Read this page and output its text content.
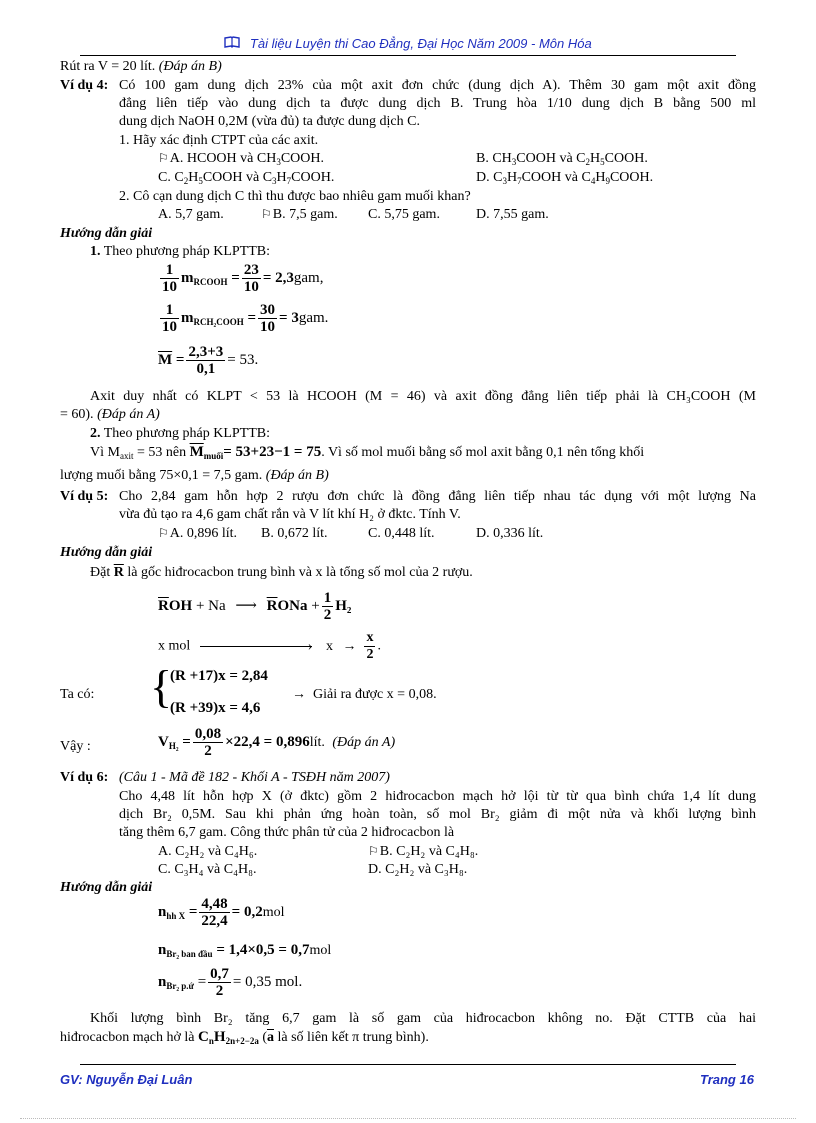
Tài liệu Luyện thi Cao Đẳng, Đại Học Năm 2009 - Môn Hóa
Rút ra V = 20 lít. (Đáp án B)
Ví dụ 4: Có 100 gam dung dịch 23% của một axit đơn chức (dung dịch A). Thêm 30 gam một axit đồng
đẳng liên tiếp vào dung dịch ta được dung dịch B. Trung hòa 1/10 dung dịch B bằng 500 ml
dung dịch NaOH 0,2M (vừa đủ) ta được dung dịch C.
1. Hãy xác định CTPT của các axit.
⚐A. HCOOH và $CH_3COOH$.	B. $CH_3COOH$ và $C_2H_5COOH$.
C. $C_2H_5COOH$ và $C_3H_7COOH$.	D. $C_3H_7COOH$ và $C_4H_9COOH$.
2. Cô cạn dung dịch C thì thu được bao nhiêu gam muối khan?
A. 5,7 gam.	⚐B. 7,5 gam. C. 5,75 gam.	D. 7,55 gam.
Hướng dẫn giải
1. Theo phương pháp KLPTTB:
$\frac{1}{10} m_{RCOOH} = \frac{23}{10} = 2,3gam$,
$\frac{1}{10} m_{RCH_2COOH} = \frac{30}{10} = 3gam$.
$\overline{M} = \frac{2,3+3}{0,1} = 53$.
Axit duy nhất có KLPT < 53 là HCOOH (M = 46) và axit đồng đẳng liên tiếp phải là CH₃COOH (M
= 60). (Đáp án A)
2. Theo phương pháp KLPTTB:
Vì $M_{axit} = 53$ nên $\overline{M}_{muối}= 53+23-1 = 75$. Vì số mol muối bằng số mol axit bằng 0,1 nên tổng khối
lượng muối bằng 75×0,1 = 7,5 gam. (Đáp án B)
Ví dụ 5: Cho 2,84 gam hỗn hợp 2 rượu đơn chức là đồng đẳng liên tiếp nhau tác dụng với một lượng Na
vừa đủ tạo ra 4,6 gam chất rắn và V lít khí H₂ ở đktc. Tính V.
⚐A. 0,896 lít. B. 0,672 lít.	C. 0,448 lít.	D. 0,336 lít.
Hướng dẫn giải
Đặt $\overline{R}$ là gốc hiđrocacbon trung bình và x là tổng số mol của 2 rượu.
$\overline{R}OH + Na$ ⟶ $\overline{R}ONa + \frac{1}{2} H_2$
x mol	› $x \to \frac{x}{2}$ .
Ta có: {
(R +17)x = 2,84
(R +39)x = 4,6
→ Giải ra được x = 0,08.
Vậy :	$V_{H_2} = \frac{0,08}{2} \times 22,4$ = 0,896lít. (Đáp án A)
Ví dụ 6: (Câu 1 - Mã đề 182 - Khối A - TSĐH năm 2007)
Cho 4,48 lít hỗn hợp X (ở đktc) gồm 2 hiđrocacbon mạch hở lội từ từ qua bình chứa 1,4 lít dung
dịch Br₂ 0,5M. Sau khi phản ứng hoàn toàn, số mol Br₂ giảm đi một nửa và khối lượng bình
tăng thêm 6,7 gam. Công thức phân tử của 2 hiđrocacbon là
A. C₂H₂ và C₄H₆.	⚐B. C₂H₂ và C₄H₈.
C. C₃H₄ và C₄H₈.	D. C₂H₂ và C₃H₈.
Hướng dẫn giải
$n_{hh X} = \frac{4,48}{22,4} = 0,2mol$
$n_{Br_2 ban đầu} = 1,4\times 0,5 = 0,7mol$
$n_{Br_2 p.ứ} = \frac{0,7}{2} = 0,35$ mol.
Khối lượng bình Br₂ tăng 6,7 gam là số gam của hiđrocacbon không no. Đặt CTTB của hai
hiđrocacbon mạch hở là $C_nH_{2n+2-2a}$ ($\overline{a}$ là số liên kết π trung bình).
GV: Nguyễn Đại Luân	Trang 16
